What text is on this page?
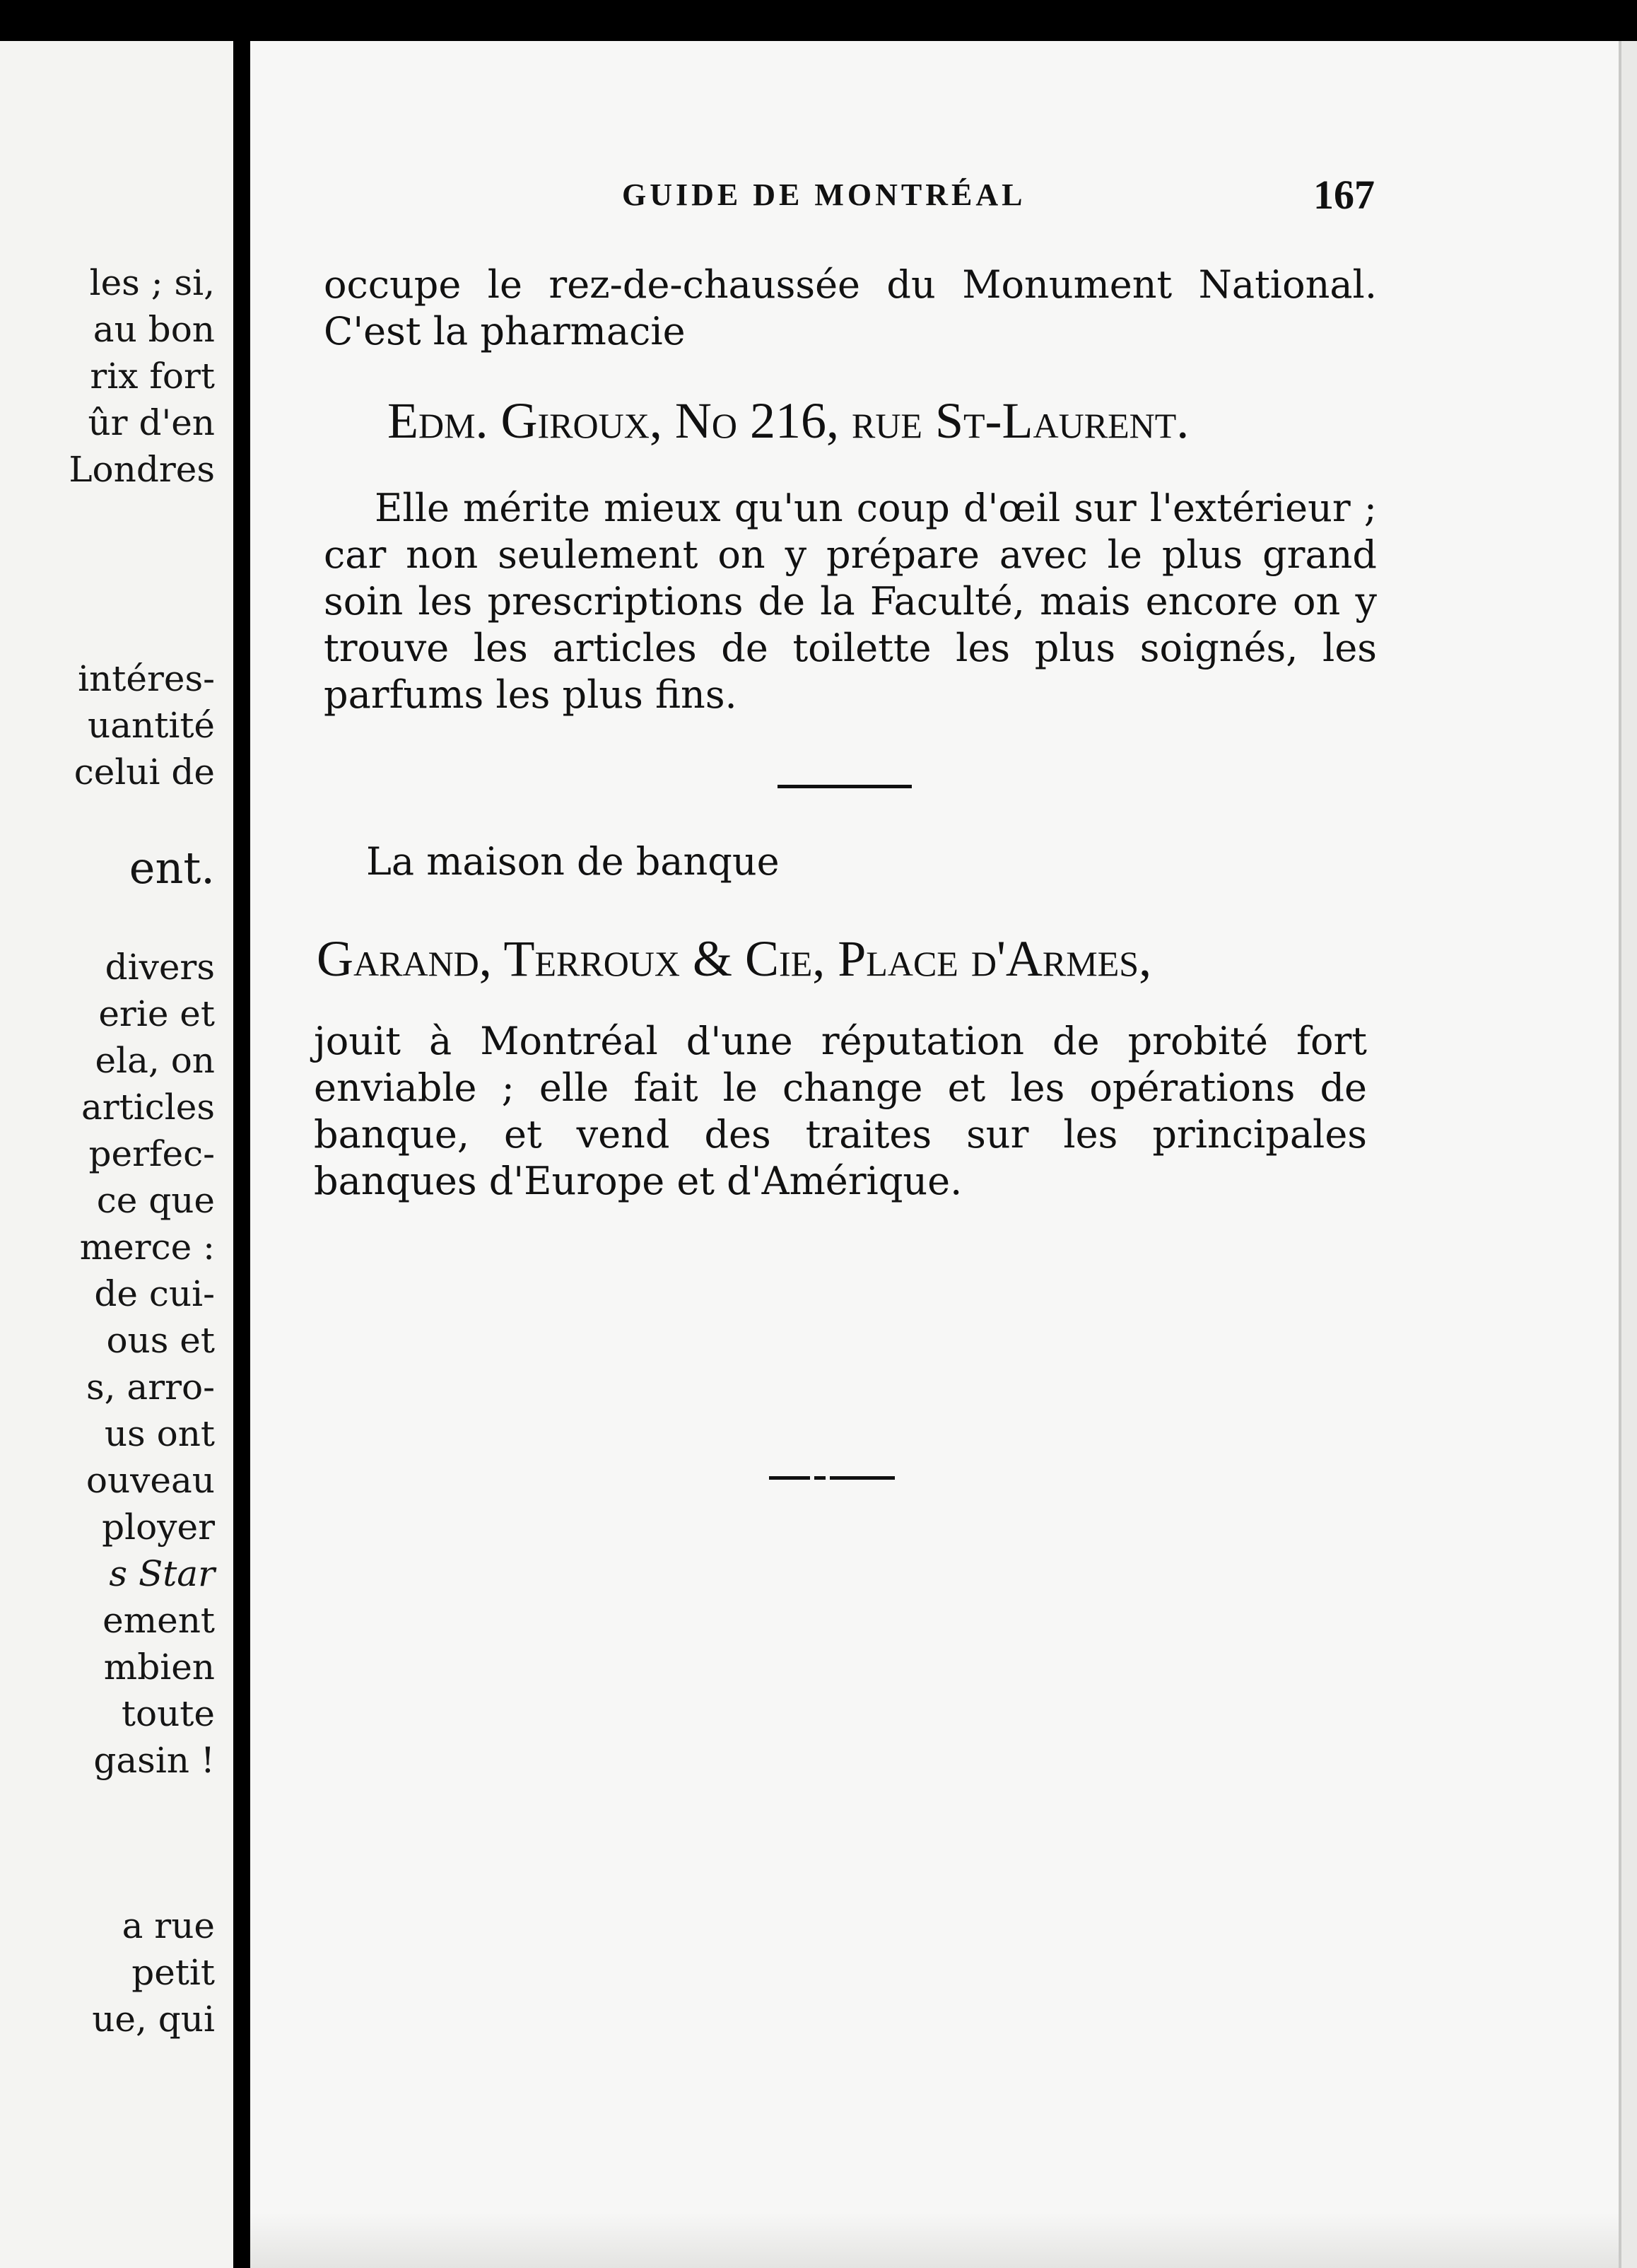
les ; si,
au bon
rix fort
ûr d'en
Londres
intéres-
uantité
celui de
ent.
divers
erie et
ela, on
articles
perfec-
ce que
merce :
de cui-
ous et
s, arro-
us ont
ouveau
ployer
s Star
ement
mbien
toute
gasin !
a rue
petit
ue, qui
GUIDE DE MONTRÉAL	167
occupe le rez-de-chaussée du Monument National. C'est la pharmacie
Edm. Giroux, No 216, rue St-Laurent.
Elle mérite mieux qu'un coup d'œil sur l'extérieur ; car non seulement on y prépare avec le plus grand soin les prescriptions de la Faculté, mais encore on y trouve les articles de toilette les plus soignés, les parfums les plus fins.
La maison de banque
Garand, Terroux & Cie, Place d'Armes,
jouit à Montréal d'une réputation de probité fort enviable ; elle fait le change et les opérations de banque, et vend des traites sur les principales banques d'Europe et d'Amérique.
